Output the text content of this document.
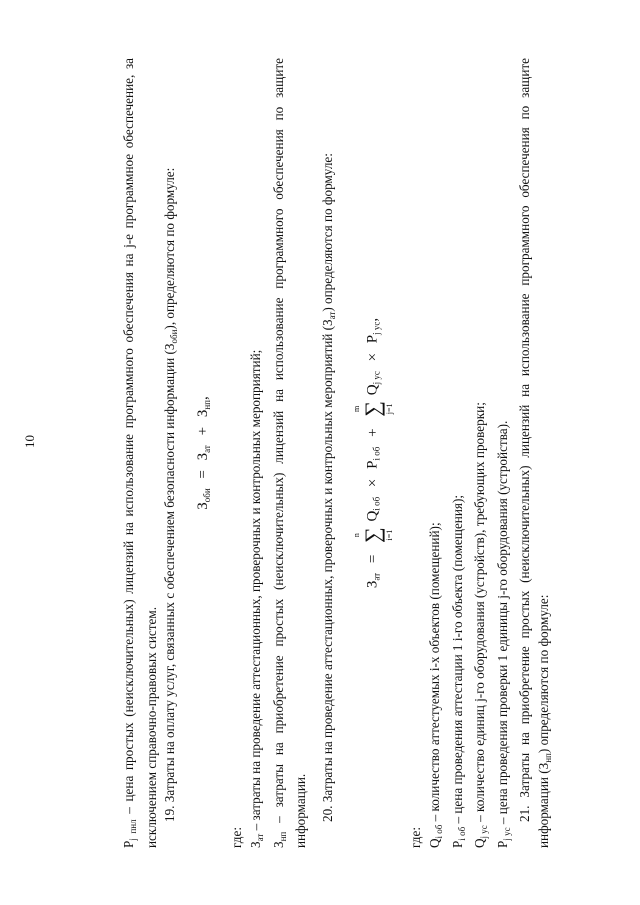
10

$P_{j пнл}$ – цена простых (неисключительных) лицензий на использование программного обеспечения на j-е программное обеспечение, за исключением справочно-правовых систем. 19. Затраты на оплату услуг, связанных с обеспечением безопасности информации $(З_{оби})$, определяются по формуле:

$З_{оби} = З_{ат} + З_{нп}$,

где: $З_{ат}$ – затраты на проведение аттестационных, проверочных и контрольных мероприятий;

$З_{нп}$ – затраты на приобретение простых (неисключительных) лицензий на использование программного обеспечения по защите информации. 20. Затраты на проведение аттестационных, проверочных и контрольных мероприятий $(З_{ат})$ определяются по формуле:

$З_{ат}$ =
n ∑ i=1
$Q_{i об} \times P_{i об}$ +
m ∑ j=1
$Q_{j ус} \times P_{j ус}$,

где: $Q_{i об}$ – количество аттестуемых i-х объектов (помещений);

$P_{i об}$ – цена проведения аттестации 1 i-го объекта (помещения);

$Q_{j ус}$ – количество единиц j-го оборудования (устройств), требующих проверки;

$P_{j ус}$ – цена проведения проверки 1 единицы j-го оборудования (устройства). 21. Затраты на приобретение простых (неисключительных) лицензий на использование программного обеспечения по защите информации $(З_{нп})$ определяются по формуле:
